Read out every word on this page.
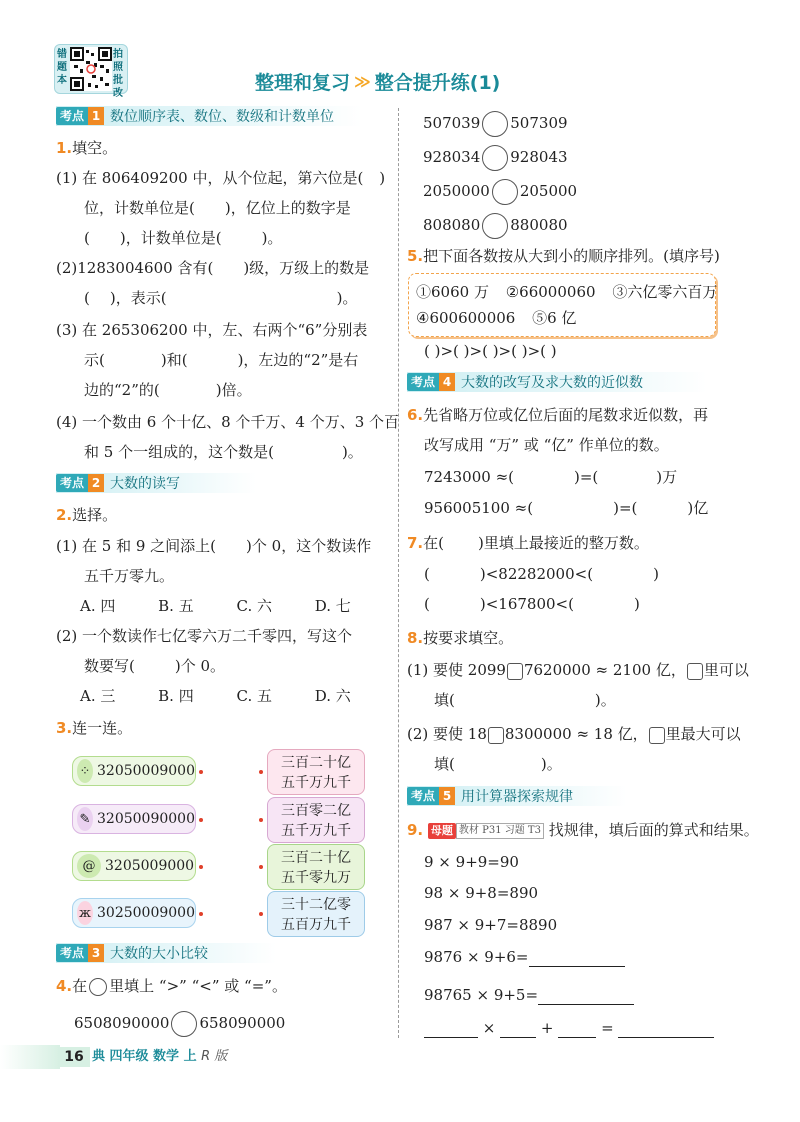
错题本
拍照批改	整理和复习 ≫ 整合提升练(1)
考点 1 数位顺序表、数位、数级和计数单位
1.填空。
(1) 在 806409200 中，从个位起，第六位是( )
位，计数单位是( )，亿位上的数字是
( )，计数单位是(	)。
(2)1283004600 含有( )级，万级上的数是
( )，表示(	)。
(3) 在 265306200 中，左、右两个“6”分别表
示(	)和(	)，左边的“2”是右
边的“2”的(	)倍。
(4) 一个数由 6 个十亿、8 个千万、4 个万、3 个百
和 5 个一组成的，这个数是(	)。
考点 2 大数的读写
2.选择。
(1) 在 5 和 9 之间添上( )个 0，这个数读作
五千万零九。
A. 四	B. 五	C. 六	D. 七
(2) 一个数读作七亿零六万二千零四，写这个
数要写(	)个 0。
A. 三	B. 四	C. 五	D. 六
3.连一连。
⁘ 32050009000
✎ 32050090000
@ 3205009000
ж 30250009000
三百二十亿
五千万九千
三百零二亿
五千万九千
三百二十亿
五千零九万
三十二亿零
五百万九千
考点 3 大数的大小比较
4.在 里填上 “>” “<” 或 “=”。
6508090000 658090000
507039 507309
928034 928043
2050000 205000
808080 880080
5.把下面各数按从大到小的顺序排列。(填序号)
①6060 万 ②66000060 ③六亿零六百万
④600600006 ⑤6 亿
( )>( )>( )>( )>( )
考点 4 大数的改写及求大数的近似数
6.先省略万位或亿位后面的尾数求近似数，再
改写成用 “万” 或 “亿” 作单位的数。
7243000 ≈(	)=(	)万
956005100 ≈(	)=(	)亿
7.在( )里填上最接近的整万数。
(	)<82282000<(	)
(	)<167800<(	)
8.按要求填空。
(1) 要使 2099 7620000 ≈ 2100 亿， 里可以
填(	)。
(2) 要使 18 8300000 ≈ 18 亿， 里最大可以
填(	)。
考点 5 用计算器探索规律
9. 母题 教材 P31 习题 T3 找规律，填后面的算式和结果。
9 × 9+9=90
98 × 9+8=890
987 × 9+7=8890
9876 × 9+6=
98765 × 9+5=
×	+	=
16 典 四年级 数学 上 R 版
